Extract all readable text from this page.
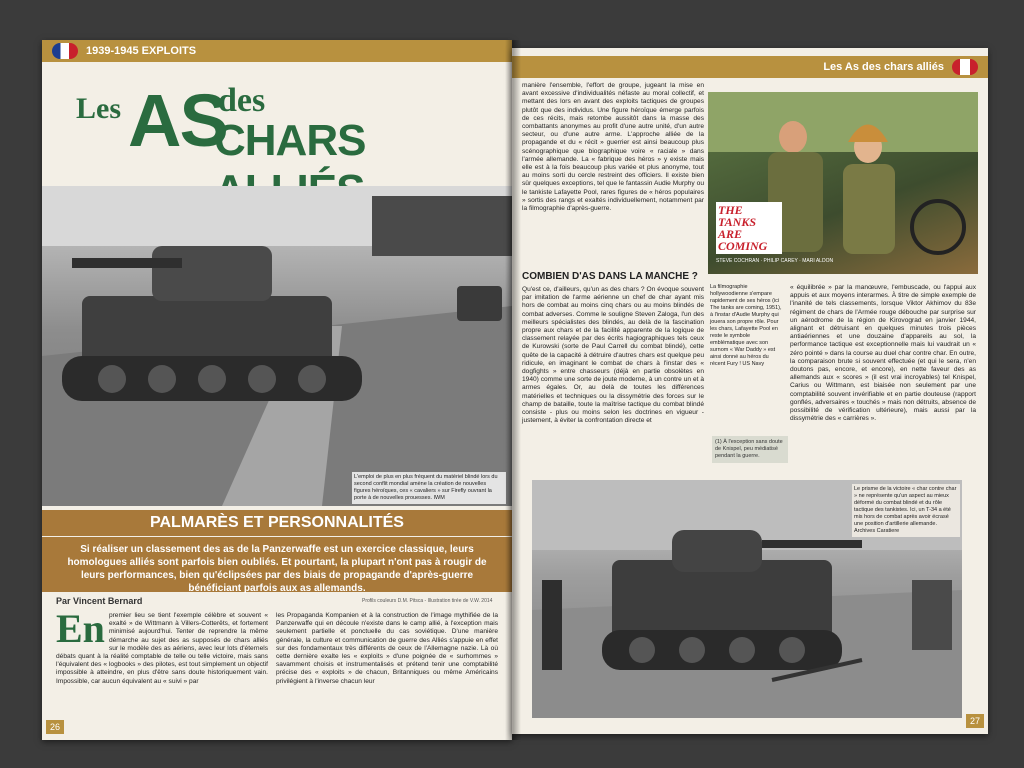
1939-1945 EXPLOITS
Les AS
des
CHARS
L'emploi de plus en plus fréquent du matériel blindé lors du second conflit mondial amène la création de nouvelles figures héroïques, ces « cavaliers » sur Firefly ouvrant la porte à de nouvelles prouesses. IWM
PALMARÈS ET PERSONNALITÉS
Si réaliser un classement des as de la Panzerwaffe est un exercice classique, leurs homologues alliés sont parfois bien oubliés. Et pourtant, la plupart n'ont pas à rougir de leurs performances, bien qu'éclipsées par des biais de propagande d'après-guerre bénéficiant parfois aux as allemands.
Par Vincent Bernard	Profils couleurs D.M. Pitsca - Illustration tirée de V.W. 2014
En premier lieu se tient l'exemple célèbre et souvent « exalté » de Wittmann à Villers-Cotterêts, et fortement minimisé aujourd'hui. Tenter de reprendre la même démarche au sujet des as supposés de chars alliés sur le modèle des as aériens, avec leur lots d'éternels débats quant à la réalité comptable de telle ou telle victoire, mais sans l'équivalent des « logbooks » des pilotes, est tout simplement un objectif impossible à atteindre, en plus d'être sans doute historiquement vain. Impossible, car aucun équivalent au « suivi » par
les Propaganda Kompanien et à la construction de l'image mythifiée de la Panzerwaffe qui en découle n'existe dans le camp allié, à l'exception mais seulement partielle et ponctuelle du cas soviétique. D'une manière générale, la culture et communication de guerre des Alliés s'appuie en effet sur des fondamentaux très différents de ceux de l'Allemagne nazie. Là où cette dernière exalte les « exploits » d'une poignée de « surhommes » savamment choisis et instrumentalisés et prétend tenir une comptabilité précise des « exploits » de chacun, Britanniques ou même Américains privilégient à l'inverse chacun leur
26
Les As des chars alliés
manière l'ensemble, l'effort de groupe, jugeant la mise en avant excessive d'individualités néfaste au moral collectif, et mettant des lors en avant des exploits tactiques de groupes plutôt que des individus. Une figure héroïque émerge parfois de ces récits, mais retombe aussitôt dans la masse des combattants anonymes au profit d'une autre unité, d'un autre secteur, ou d'une autre arme. L'approche alliée de la propagande et du « récit » guerrier est ainsi beaucoup plus scénographique que biographique voire « raciale » dans l'armée allemande. La « fabrique des héros » y existe mais elle est à la fois beaucoup plus variée et plus anonyme, tout au moins sorti du cercle restreint des officiers. Il existe bien sûr quelques exceptions, tel que le fantassin Audie Murphy ou le tankiste Lafayette Pool, rares figures de « héros populaires » sortis des rangs et exaltés individuellement, notamment par la filmographie d'après-guerre.	THE TANKS ARE COMING
STEVE COCHRAN · PHILIP CAREY · MARI ALDON
COMBIEN D'AS DANS LA MANCHE ?
Qu'est ce, d'ailleurs, qu'un as des chars ? On évoque souvent par imitation de l'arme aérienne un chef de char ayant mis hors de combat au moins cinq chars ou au moins blindés de combat adverses. Comme le souligne Steven Zaloga, l'un des meilleurs spécialistes des blindés, au delà de la fascination propre aux chars et de la facilité apparente de la logique de classement relayée par des écrits hagiographiques tels ceux de Kurowski (sorte de Paul Carrell du combat blindé), cette quête de la capacité à détruire d'autres chars est quelque peu ridicule, en imaginant le combat de chars à l'instar des « dogfights » entre chasseurs (déjà en partie obsolètes en 1940) comme une sorte de joute moderne, à un contre un et à armes égales. Or, au delà de toutes les différences matérielles et techniques ou la dissymétrie des forces sur le champ de bataille, toute la maîtrise tactique du combat blindé consiste - plus ou moins selon les doctrines en vigueur - justement, à éviter la confrontation directe et
La filmographie hollywoodienne s'empare rapidement de ses héros (ici The tanks are coming, 1951), à l'instar d'Audie Murphy qui jouera son propre rôle. Pour les chars, Lafayette Pool en reste le symbole emblématique avec son surnom « War Daddy » est ainsi donné au héros du récent Fury ! US Navy
(1) À l'exception sans doute de Knispel, peu médiatisé pendant la guerre.
« équilibrée » par la manœuvre, l'embuscade, ou l'appui aux appuis et aux moyens interarmes. À titre de simple exemple de l'inanité de tels classements, lorsque Viktor Akhimov du 83e régiment de chars de l'Armée rouge débouche par surprise sur un aérodrome de la région de Kirovograd en janvier 1944, alignant et détruisant en quelques minutes trois pièces antiaériennes et une douzaine d'appareils au sol, la performance tactique est exceptionnelle mais lui vaudrait un « zéro pointé » dans la course au duel char contre char. En outre, la comparaison brute si souvent effectuée (et qui le sera, n'en doutons pas, encore, et encore), en nette faveur des as allemands aux « scores » (il est vrai incroyables) tel Knispel, Carius ou Wittmann, est biaisée non seulement par une comptabilité souvent invérifiable et en partie douteuse (rapport gonflés, adversaires « touchés » mais non détruits, absence de possibilité de vérification ultérieure), mais aussi par la dissymétrie des « carrières ».
Le prisme de la victoire « char contre char » ne représente qu'un aspect au mieux déformé du combat blindé et du rôle tactique des tankistes. Ici, un T-34 a été mis hors de combat après avoir écrasé une position d'artillerie allemande. Archives Caratiere
27
